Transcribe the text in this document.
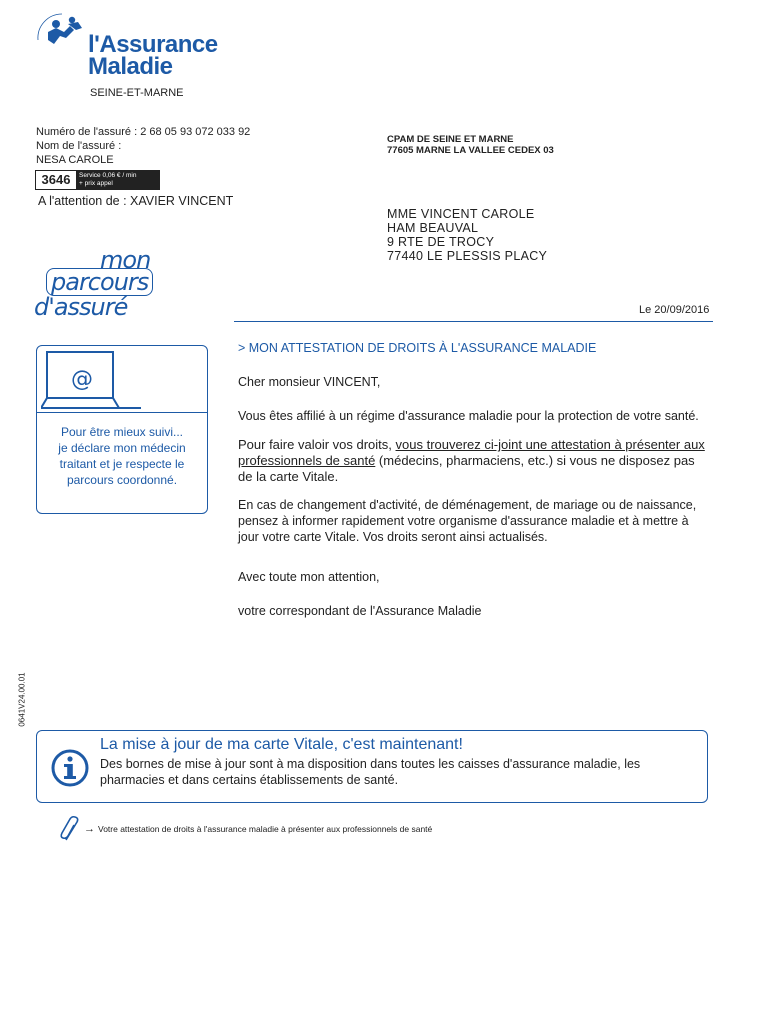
l'Assurance
Maladie
SEINE-ET-MARNE
Numéro de l'assuré : 2 68 05 93 072 033 92
Nom de l'assuré :
NESA CAROLE
3646	Service 0,06 € / min
+ prix appel
A l'attention de : XAVIER VINCENT
CPAM DE SEINE ET MARNE
77605 MARNE LA VALLEE CEDEX 03
MME VINCENT CAROLE
HAM BEAUVAL
9 RTE DE TROCY
77440 LE PLESSIS PLACY
mon
parcours
d'assuré	Le 20/09/2016
@
Pour être mieux suivi... je déclare mon médecin traitant et je respecte le parcours coordonné.
> MON ATTESTATION DE DROITS À L'ASSURANCE MALADIE
Cher monsieur VINCENT,
Vous êtes affilié à un régime d'assurance maladie pour la protection de votre santé.
Pour faire valoir vos droits, vous trouverez ci-joint une attestation à présenter aux professionnels de santé (médecins, pharmaciens, etc.) si vous ne disposez pas de la carte Vitale.
En cas de changement d'activité, de déménagement, de mariage ou de naissance, pensez à informer rapidement votre organisme d'assurance maladie et à mettre à jour votre carte Vitale. Vos droits seront ainsi actualisés.
Avec toute mon attention,
votre correspondant de l'Assurance Maladie
0641V24.00.01
La mise à jour de ma carte Vitale, c'est maintenant!
Des bornes de mise à jour sont à ma disposition dans toutes les caisses d'assurance maladie, les pharmacies et dans certains établissements de santé.
→ Votre attestation de droits à l'assurance maladie à présenter aux professionnels de santé
